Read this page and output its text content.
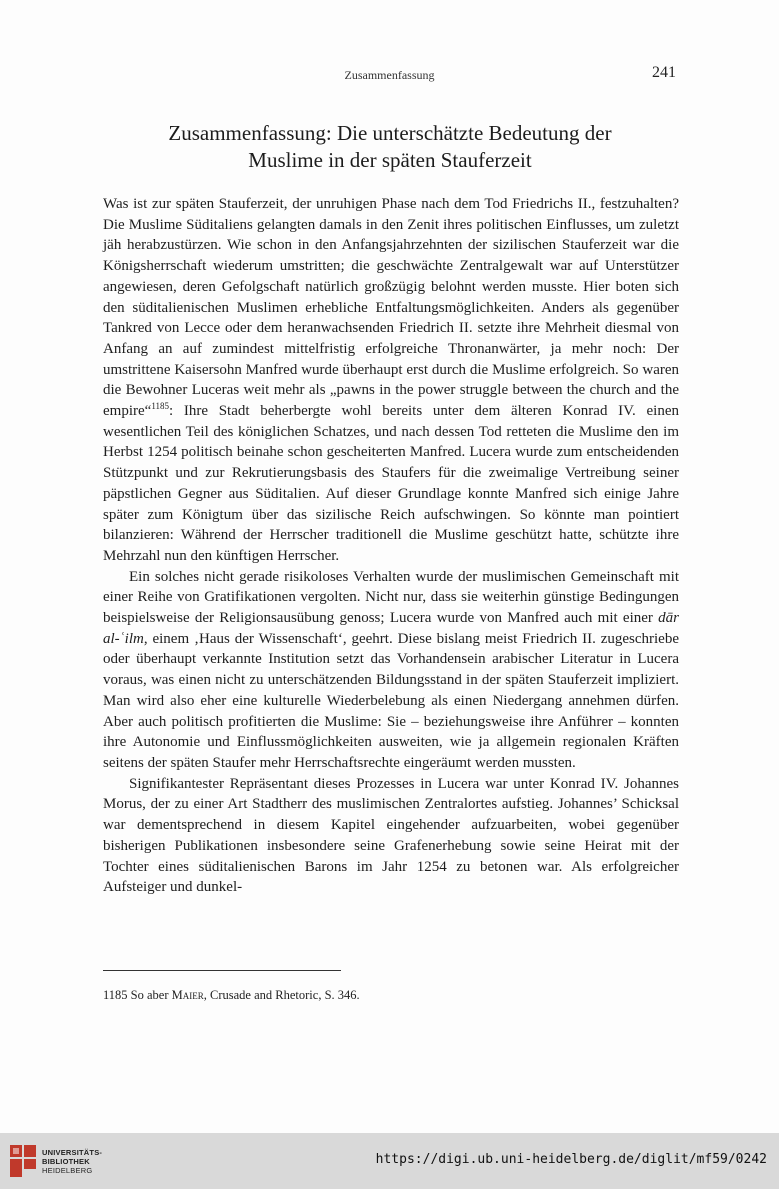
Zusammenfassung	241
Zusammenfassung: Die unterschätzte Bedeutung der
Muslime in der späten Stauferzeit

Was ist zur späten Stauferzeit, der unruhigen Phase nach dem Tod Friedrichs II., festzuhalten? Die Muslime Süditaliens gelangten damals in den Zenit ihres politischen Einflusses, um zuletzt jäh herabzustürzen. Wie schon in den Anfangsjahrzehnten der sizilischen Stauferzeit war die Königsherrschaft wiederum umstritten; die geschwächte Zentralgewalt war auf Unterstützer angewiesen, deren Gefolgschaft natürlich großzügig belohnt werden musste. Hier boten sich den süditalienischen Muslimen erhebliche Entfaltungsmöglichkeiten. Anders als gegenüber Tankred von Lecce oder dem heranwachsenden Friedrich II. setzte ihre Mehrheit diesmal von Anfang an auf zumindest mittelfristig erfolgreiche Thronanwärter, ja mehr noch: Der umstrittene Kaisersohn Manfred wurde überhaupt erst durch die Muslime erfolgreich. So waren die Bewohner Luceras weit mehr als „pawns in the power struggle between the church and the empire“$^{1185}$: Ihre Stadt beherbergte wohl bereits unter dem älteren Konrad IV. einen wesentlichen Teil des königlichen Schatzes, und nach dessen Tod retteten die Muslime den im Herbst 1254 politisch beinahe schon gescheiterten Manfred. Lucera wurde zum entscheidenden Stützpunkt und zur Rekrutierungsbasis des Staufers für die zweimalige Vertreibung seiner päpstlichen Gegner aus Süditalien. Auf dieser Grundlage konnte Manfred sich einige Jahre später zum Königtum über das sizilische Reich aufschwingen. So könnte man pointiert bilanzieren: Während der Herrscher traditionell die Muslime geschützt hatte, schützte ihre Mehrzahl nun den künftigen Herrscher.

Ein solches nicht gerade risikoloses Verhalten wurde der muslimischen Gemeinschaft mit einer Reihe von Gratifikationen vergolten. Nicht nur, dass sie weiterhin günstige Bedingungen beispielsweise der Religionsausübung genoss; Lucera wurde von Manfred auch mit einer dār al-ʿilm, einem ‚Haus der Wissenschaft‘, geehrt. Diese bislang meist Friedrich II. zugeschriebe oder überhaupt verkannte Institution setzt das Vorhandensein arabischer Literatur in Lucera voraus, was einen nicht zu unterschätzenden Bildungsstand in der späten Stauferzeit impliziert. Man wird also eher eine kulturelle Wiederbelebung als einen Niedergang annehmen dürfen. Aber auch politisch profitierten die Muslime: Sie – beziehungsweise ihre Anführer – konnten ihre Autonomie und Einflussmöglichkeiten ausweiten, wie ja allgemein regionalen Kräften seitens der späten Staufer mehr Herrschaftsrechte eingeräumt werden mussten.

Signifikantester Repräsentant dieses Prozesses in Lucera war unter Konrad IV. Johannes Morus, der zu einer Art Stadtherr des muslimischen Zentralortes aufstieg. Johannes’ Schicksal war dementsprechend in diesem Kapitel eingehender aufzuarbeiten, wobei gegenüber bisherigen Publikationen insbesondere seine Grafenerhebung sowie seine Heirat mit der Tochter eines süditalienischen Barons im Jahr 1254 zu betonen war. Als erfolgreicher Aufsteiger und dunkel-

1185 So aber Maier, Crusade and Rhetoric, S. 346.
UNIVERSITÄTS-
BIBLIOTHEK
HEIDELBERG
https://digi.ub.uni-heidelberg.de/diglit/mf59/0242
